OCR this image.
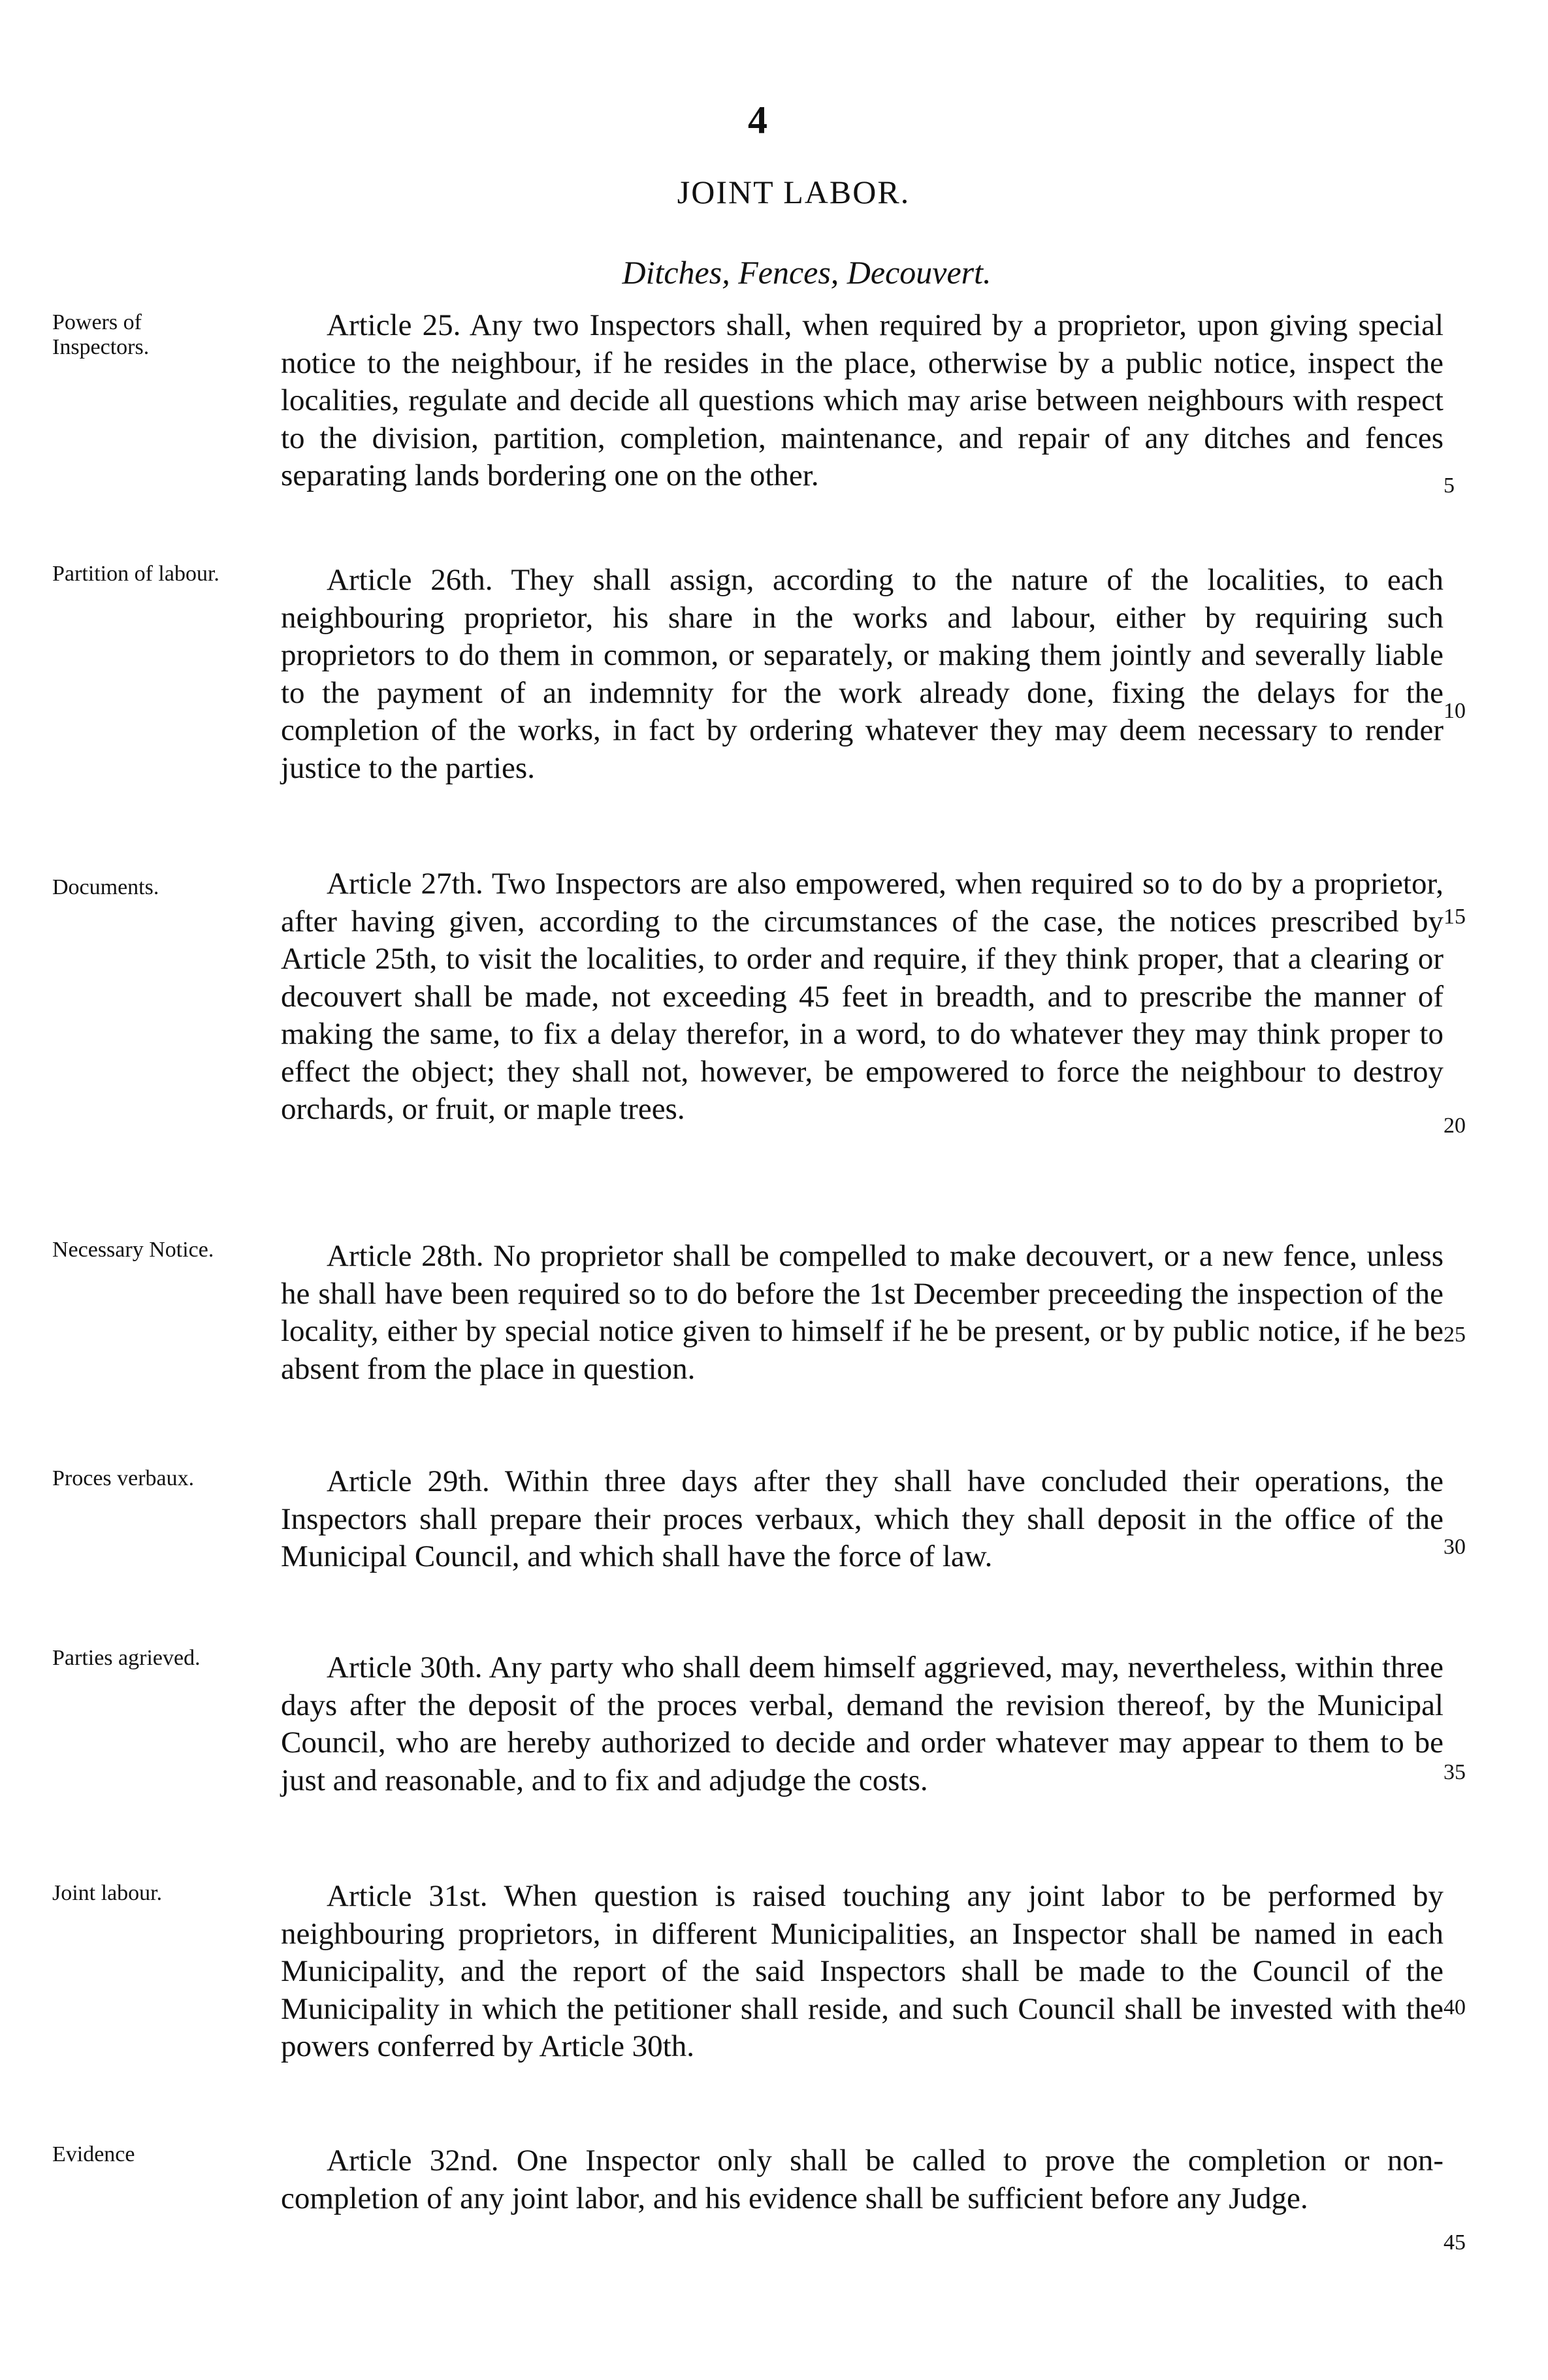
4
JOINT LABOR.
Ditches, Fences, Decouvert.
Powers of Inspectors.

Article 25. Any two Inspectors shall, when required by a proprietor, upon giving special notice to the neighbour, if he resides in the place, otherwise by a public notice, inspect the localities, regulate and decide all questions which may arise between neighbours with respect to the division, partition, completion, maintenance, and repair of any ditches and fences separating lands bordering one on the other.

Partition of labour.	Article 26th. They shall assign, according to the nature of the localities, to each neighbouring proprietor, his share in the works and labour, either by requiring such proprietors to do them in common, or separately, or making them jointly and severally liable to the payment of an indemnity for the work already done, fixing the delays for the completion of the works, in fact by ordering whatever they may deem necessary to render justice to the parties.

Documents.	Article 27th. Two Inspectors are also empowered, when required so to do by a proprietor, after having given, according to the circumstances of the case, the notices prescribed by Article 25th, to visit the localities, to order and require, if they think proper, that a clearing or decouvert shall be made, not exceeding 45 feet in breadth, and to prescribe the manner of making the same, to fix a delay therefor, in a word, to do whatever they may think proper to effect the object; they shall not, however, be empowered to force the neighbour to destroy orchards, or fruit, or maple trees.

Necessary Notice.	Article 28th. No proprietor shall be compelled to make decouvert, or a new fence, unless he shall have been required so to do before the 1st December preceeding the inspection of the locality, either by special notice given to himself if he be present, or by public notice, if he be absent from the place in question.

Proces verbaux.	Article 29th. Within three days after they shall have concluded their operations, the Inspectors shall prepare their proces verbaux, which they shall deposit in the office of the Municipal Council, and which shall have the force of law.

Parties agrieved.	Article 30th. Any party who shall deem himself aggrieved, may, nevertheless, within three days after the deposit of the proces verbal, demand the revision thereof, by the Municipal Council, who are hereby authorized to decide and order whatever may appear to them to be just and reasonable, and to fix and adjudge the costs.

Joint labour.	Article 31st. When question is raised touching any joint labor to be performed by neighbouring proprietors, in different Municipalities, an Inspector shall be named in each Municipality, and the report of the said Inspectors shall be made to the Council of the Municipality in which the petitioner shall reside, and such Council shall be invested with the powers conferred by Article 30th.

Evidence	Article 32nd. One Inspector only shall be called to prove the completion or non-completion of any joint labor, and his evidence shall be sufficient before any Judge.

5
10
15
20
25
30
35
40
45
